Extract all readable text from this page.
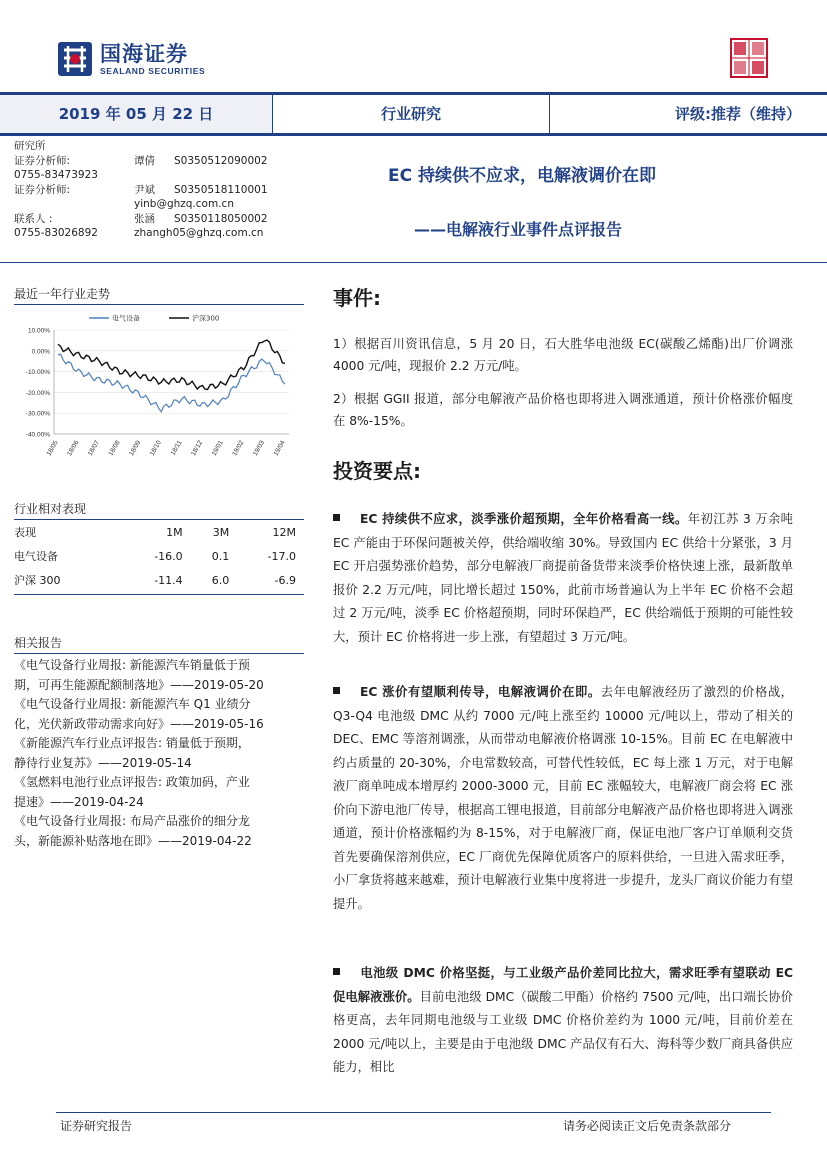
国海证券
SEALAND SECURITIES
2019 年 05 月 22 日	行业研究	评级:推荐（维持）
研究所
证券分析师:	谭倩 S0350512090002
0755-83473923
证券分析师:	尹斌 S0350518110001
yinb@ghzq.com.cn
联系人 :	张涵 S0350118050002
0755-83026892	zhangh05@ghzq.com.cn
EC 持续供不应求，电解液调价在即
——电解液行业事件点评报告
最近一年行业走势
10.00%
0.00%
-10.00%
-20.00%
-30.00%
-40.00%
18/05 18/06 18/07 18/08 18/09 18/10 18/11 18/12 19/01 19/02 19/03 19/04
电气设备	沪深300
行业相对表现
表现	1M	3M	12M
电气设备	-16.0	0.1	-17.0
沪深 300	-11.4	6.0	-6.9
相关报告
《电气设备行业周报: 新能源汽车销量低于预
期，可再生能源配额制落地》——2019-05-20
《电气设备行业周报: 新能源汽车 Q1 业绩分
化，光伏新政带动需求向好》——2019-05-16
《新能源汽车行业点评报告: 销量低于预期，
静待行业复苏》——2019-05-14
《氢燃料电池行业点评报告: 政策加码，产业
提速》——2019-04-24
《电气设备行业周报: 布局产品涨价的细分龙
头，新能源补贴落地在即》——2019-04-22
事件:
1）根据百川资讯信息，5 月 20 日，石大胜华电池级 EC(碳酸乙烯酯)出厂价调涨 4000 元/吨，现报价 2.2 万元/吨。
2）根据 GGII 报道，部分电解液产品价格也即将进入调涨通道，预计价格涨价幅度在 8%-15%。
投资要点:
EC 持续供不应求，淡季涨价超预期，全年价格看高一线。年初江苏 3 万余吨 EC 产能由于环保问题被关停，供给端收缩 30%。导致国内 EC 供给十分紧张，3 月 EC 开启强势涨价趋势，部分电解液厂商提前备货带来淡季价格快速上涨，最新散单报价 2.2 万元/吨，同比增长超过 150%，此前市场普遍认为上半年 EC 价格不会超过 2 万元/吨，淡季 EC 价格超预期，同时环保趋严，EC 供给端低于预期的可能性较大，预计 EC 价格将进一步上涨，有望超过 3 万元/吨。
EC 涨价有望顺利传导，电解液调价在即。去年电解液经历了激烈的价格战，Q3-Q4 电池级 DMC 从约 7000 元/吨上涨至约 10000 元/吨以上，带动了相关的 DEC、EMC 等溶剂调涨，从而带动电解液价格调涨 10-15%。目前 EC 在电解液中约占质量的 20-30%，介电常数较高，可替代性较低，EC 每上涨 1 万元，对于电解液厂商单吨成本增厚约 2000-3000 元，目前 EC 涨幅较大，电解液厂商会将 EC 涨价向下游电池厂传导，根据高工锂电报道，目前部分电解液产品价格也即将进入调涨通道，预计价格涨幅约为 8-15%，对于电解液厂商，保证电池厂客户订单顺利交货首先要确保溶剂供应，EC 厂商优先保障优质客户的原料供给，一旦进入需求旺季，小厂拿货将越来越难，预计电解液行业集中度将进一步提升，龙头厂商议价能力有望提升。
电池级 DMC 价格坚挺，与工业级产品价差同比拉大，需求旺季有望联动 EC 促电解液涨价。目前电池级 DMC（碳酸二甲酯）价格约 7500 元/吨，出口端长协价格更高，去年同期电池级与工业级 DMC 价格价差约为 1000 元/吨，目前价差在 2000 元/吨以上，主要是由于电池级 DMC 产品仅有石大、海科等少数厂商具备供应能力，相比
证券研究报告	请务必阅读正文后免责条款部分
